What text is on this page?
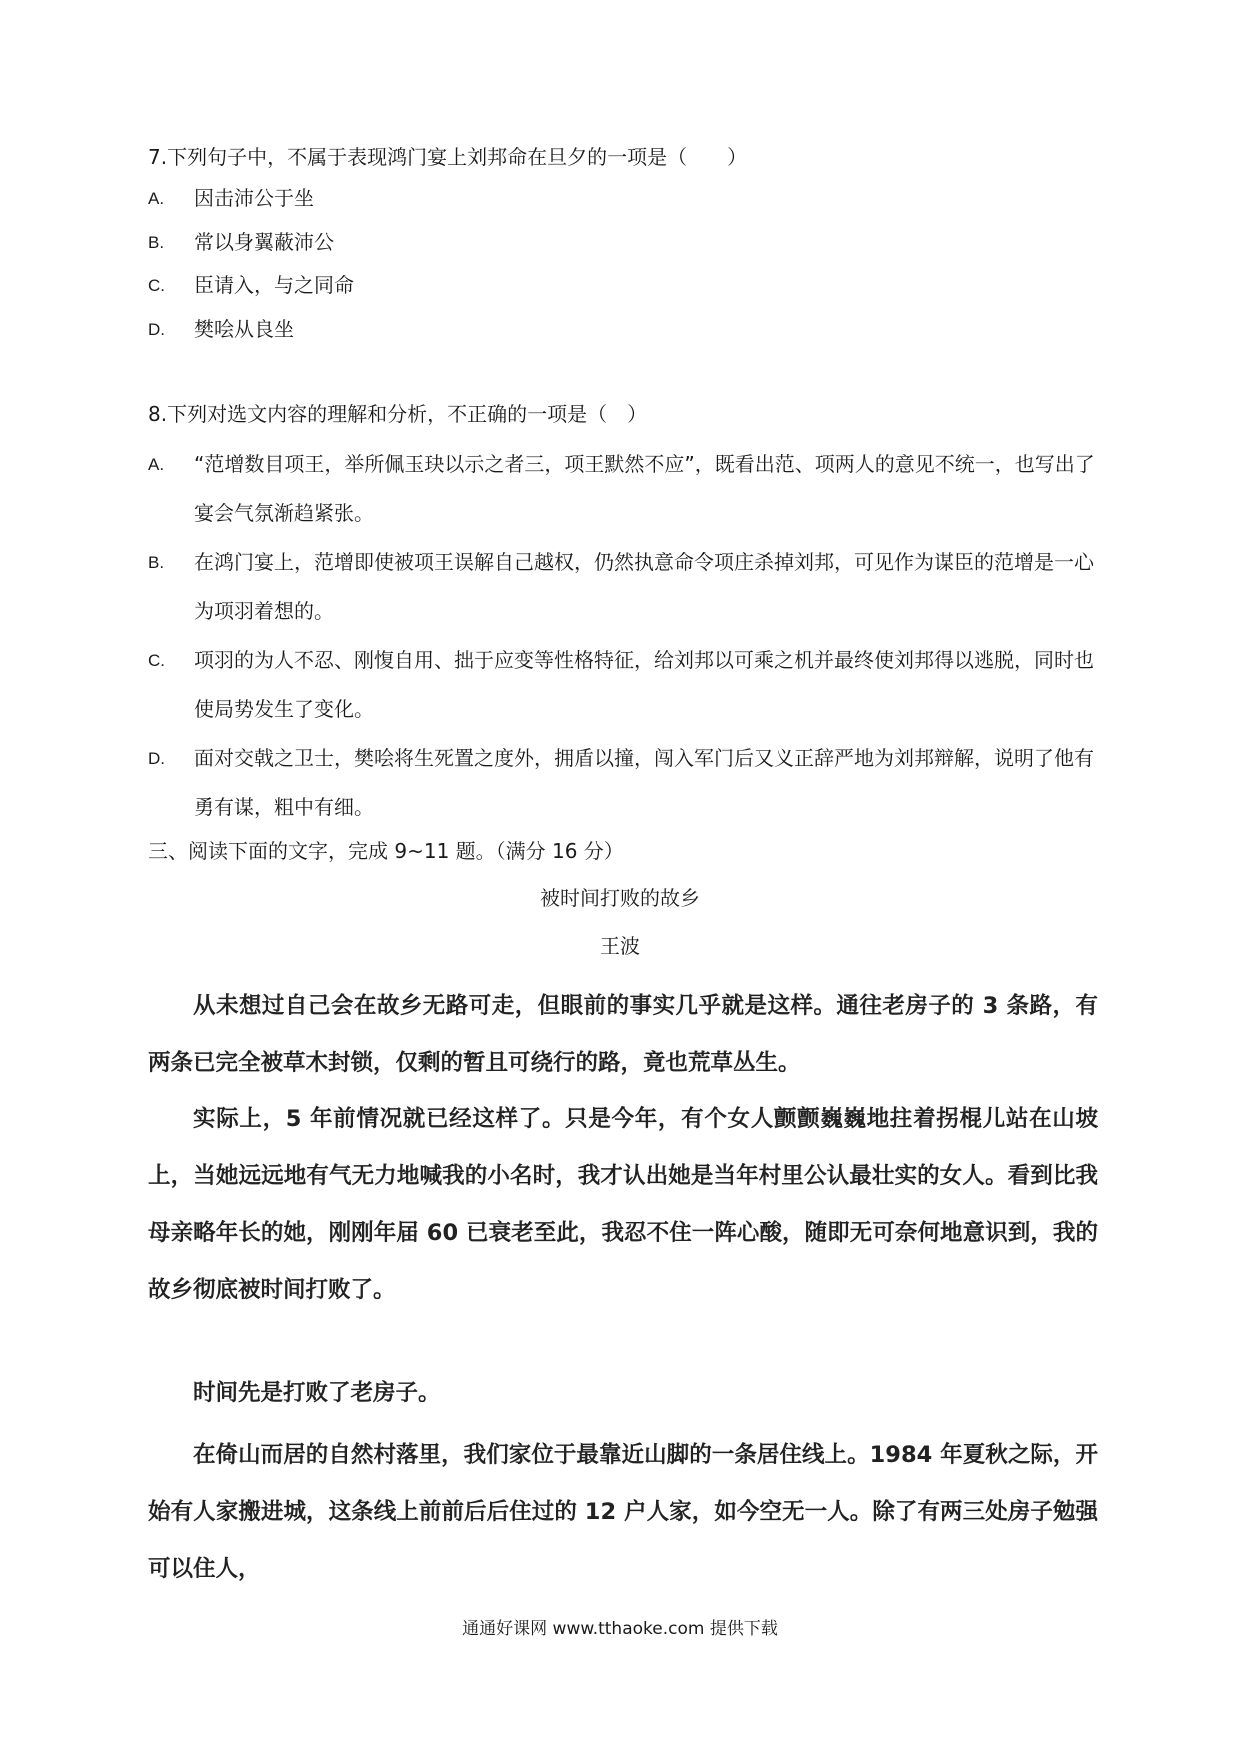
7.下列句子中，不属于表现鸿门宴上刘邦命在旦夕的一项是（　　）
A. 因击沛公于坐
B. 常以身翼蔽沛公
C. 臣请入，与之同命
D. 樊哙从良坐
8.下列对选文内容的理解和分析，不正确的一项是（　）
A. “范增数目项王，举所佩玉玦以示之者三，项王默然不应”，既看出范、项两人的意见不统一，也写出了宴会气氛渐趋紧张。
B. 在鸿门宴上，范增即使被项王误解自己越权，仍然执意命令项庄杀掉刘邦，可见作为谋臣的范增是一心为项羽着想的。
C. 项羽的为人不忍、刚愎自用、拙于应变等性格特征，给刘邦以可乘之机并最终使刘邦得以逃脱，同时也使局势发生了变化。
D. 面对交戟之卫士，樊哙将生死置之度外，拥盾以撞，闯入军门后又义正辞严地为刘邦辩解，说明了他有勇有谋，粗中有细。
三、阅读下面的文字，完成 9~11 题。（满分 16 分）
被时间打败的故乡
王波
从未想过自己会在故乡无路可走，但眼前的事实几乎就是这样。通往老房子的 3 条路，有两条已完全被草木封锁，仅剩的暂且可绕行的路，竟也荒草丛生。
实际上，5 年前情况就已经这样了。只是今年，有个女人颤颤巍巍地拄着拐棍儿站在山坡上，当她远远地有气无力地喊我的小名时，我才认出她是当年村里公认最壮实的女人。看到比我母亲略年长的她，刚刚年届 60 已衰老至此，我忍不住一阵心酸，随即无可奈何地意识到，我的故乡彻底被时间打败了。
时间先是打败了老房子。
在倚山而居的自然村落里，我们家位于最靠近山脚的一条居住线上。1984 年夏秋之际，开始有人家搬进城，这条线上前前后后住过的 12 户人家，如今空无一人。除了有两三处房子勉强可以住人，
通通好课网 www.tthaoke.com 提供下载
